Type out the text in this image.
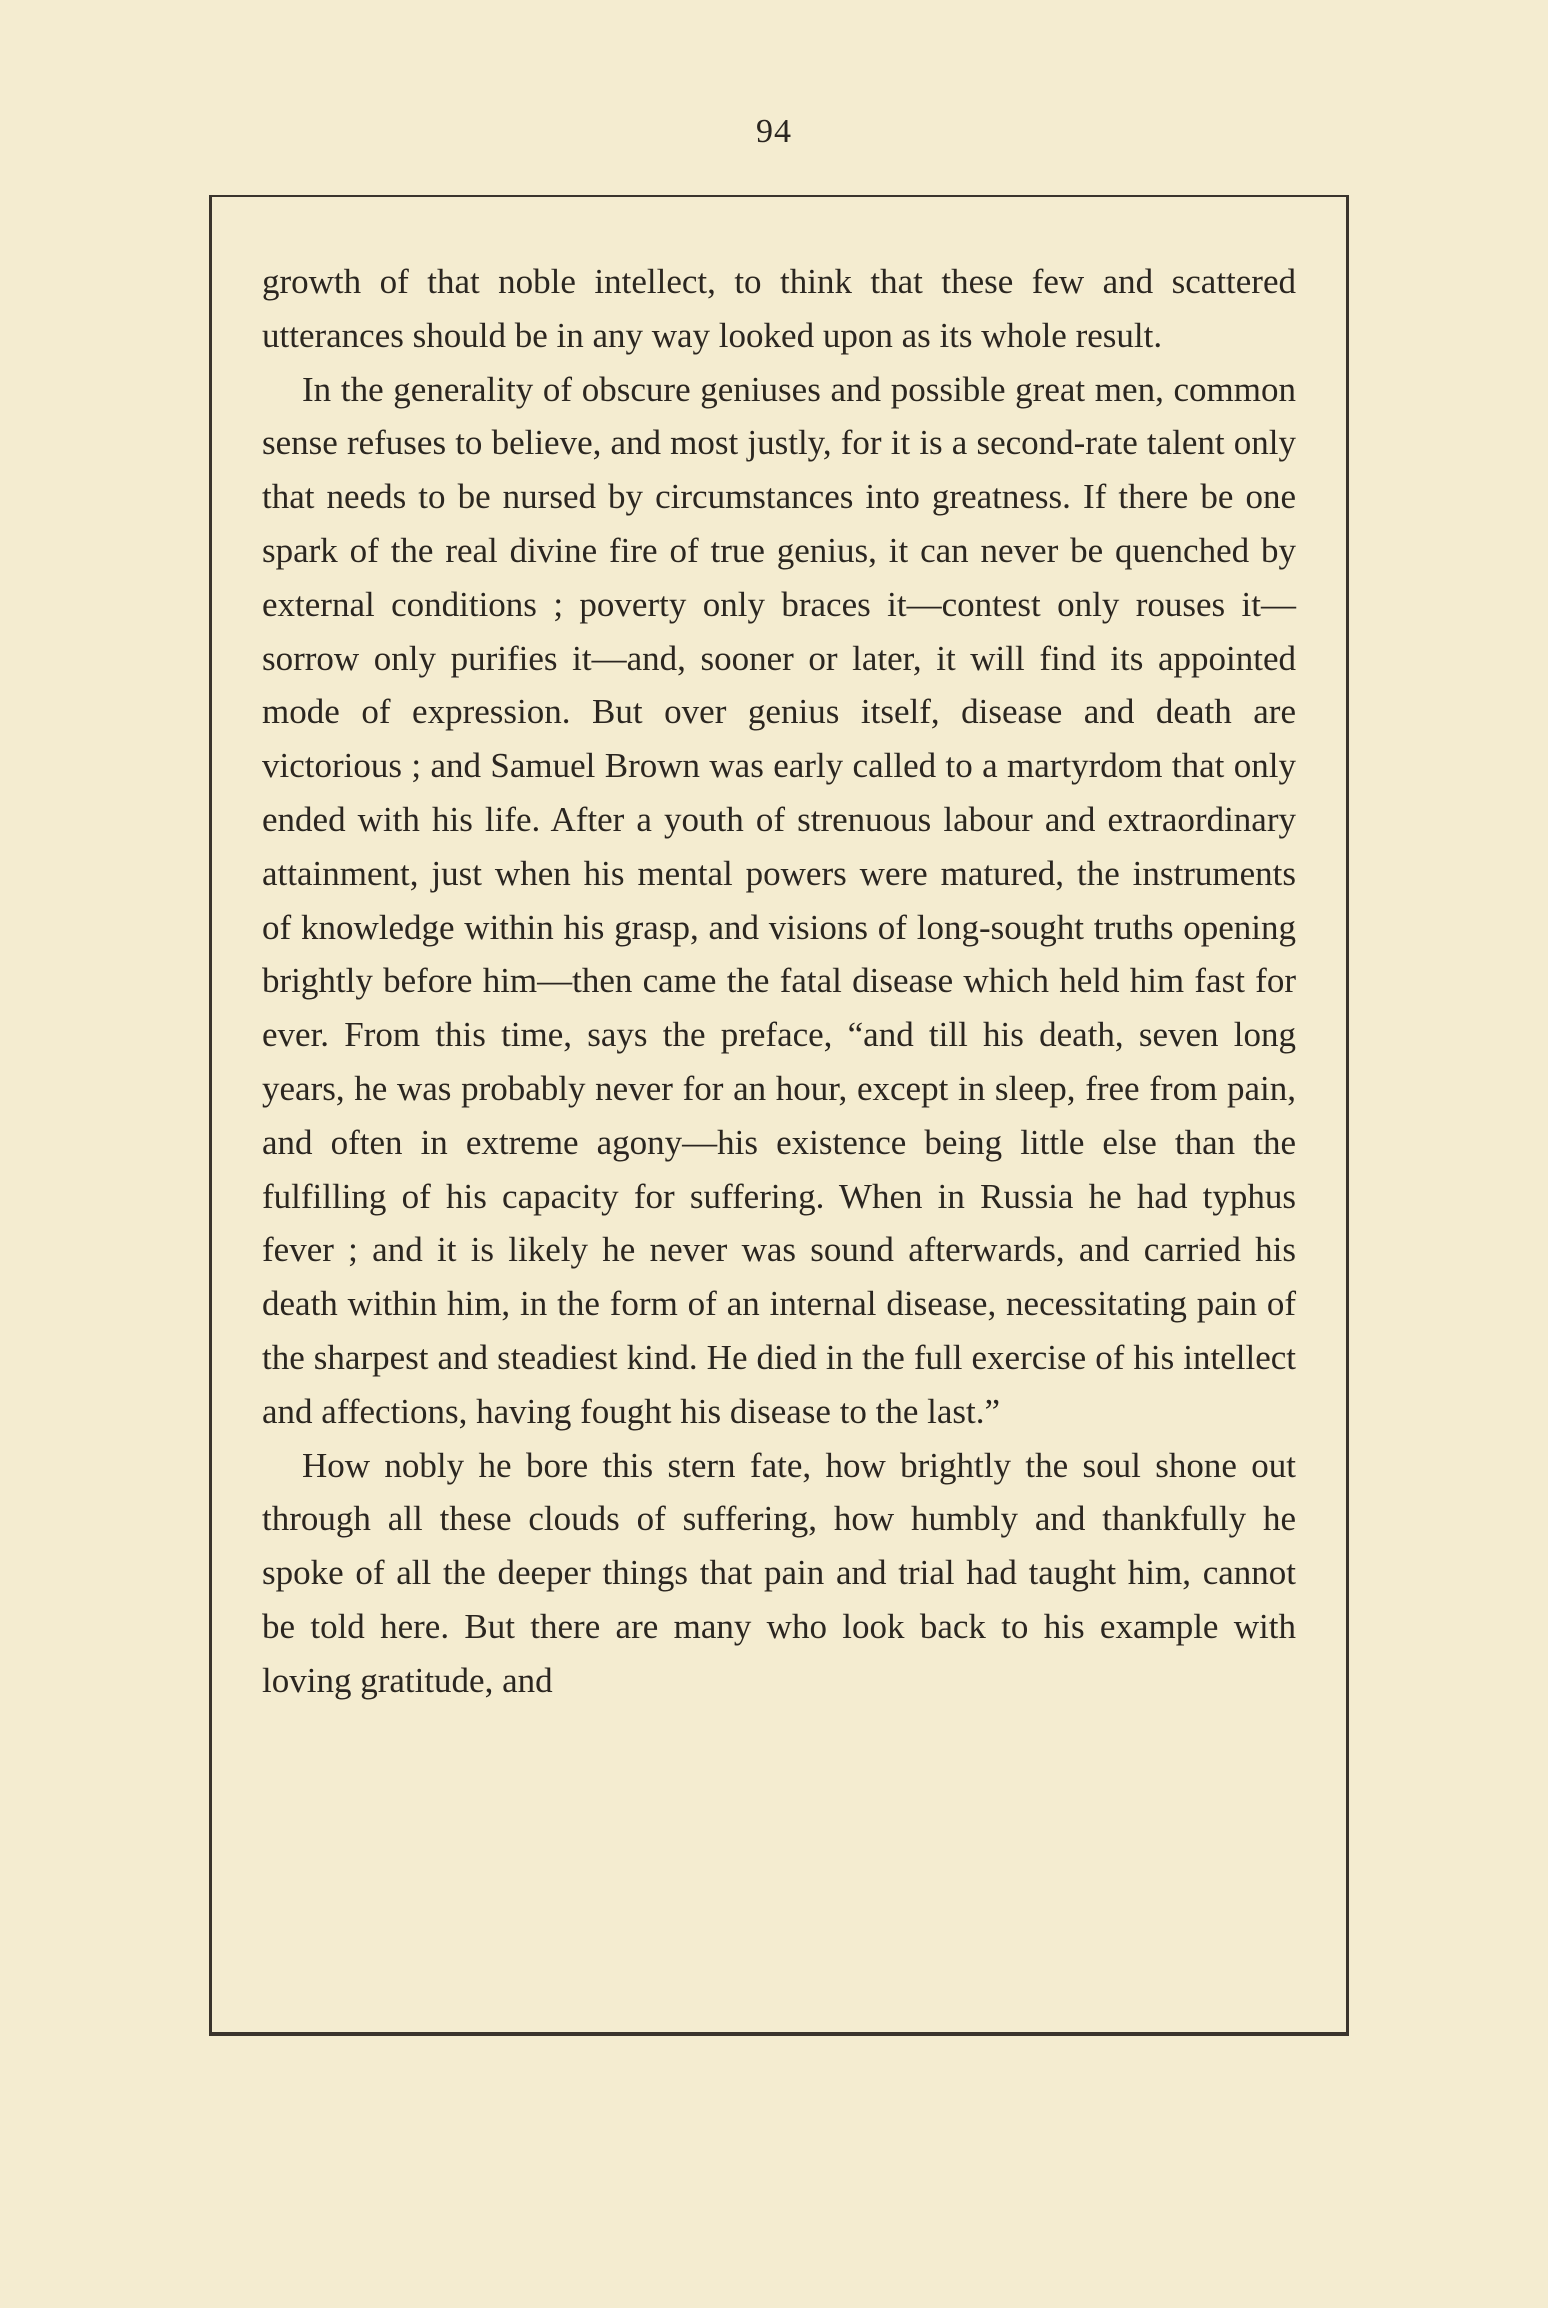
94

growth of that noble intellect, to think that these few and scattered utterances should be in any way looked upon as its whole result.

In the generality of obscure geniuses and possible great men, common sense refuses to believe, and most justly, for it is a second-rate talent only that needs to be nursed by circumstances into greatness. If there be one spark of the real divine fire of true genius, it can never be quenched by external conditions ; poverty only braces it—contest only rouses it—sorrow only purifies it—and, sooner or later, it will find its appointed mode of expression. But over genius itself, disease and death are victorious ; and Samuel Brown was early called to a martyrdom that only ended with his life. After a youth of strenuous labour and extraordinary attainment, just when his mental powers were matured, the instruments of knowledge within his grasp, and visions of long-sought truths opening brightly before him—then came the fatal disease which held him fast for ever. From this time, says the preface, “and till his death, seven long years, he was probably never for an hour, except in sleep, free from pain, and often in extreme agony—his existence being little else than the fulfilling of his capacity for suffering. When in Russia he had typhus fever ; and it is likely he never was sound afterwards, and carried his death within him, in the form of an internal disease, necessitating pain of the sharpest and steadiest kind. He died in the full exercise of his intellect and affections, having fought his disease to the last.”

How nobly he bore this stern fate, how brightly the soul shone out through all these clouds of suffering, how humbly and thankfully he spoke of all the deeper things that pain and trial had taught him, cannot be told here. But there are many who look back to his example with loving gratitude, and
